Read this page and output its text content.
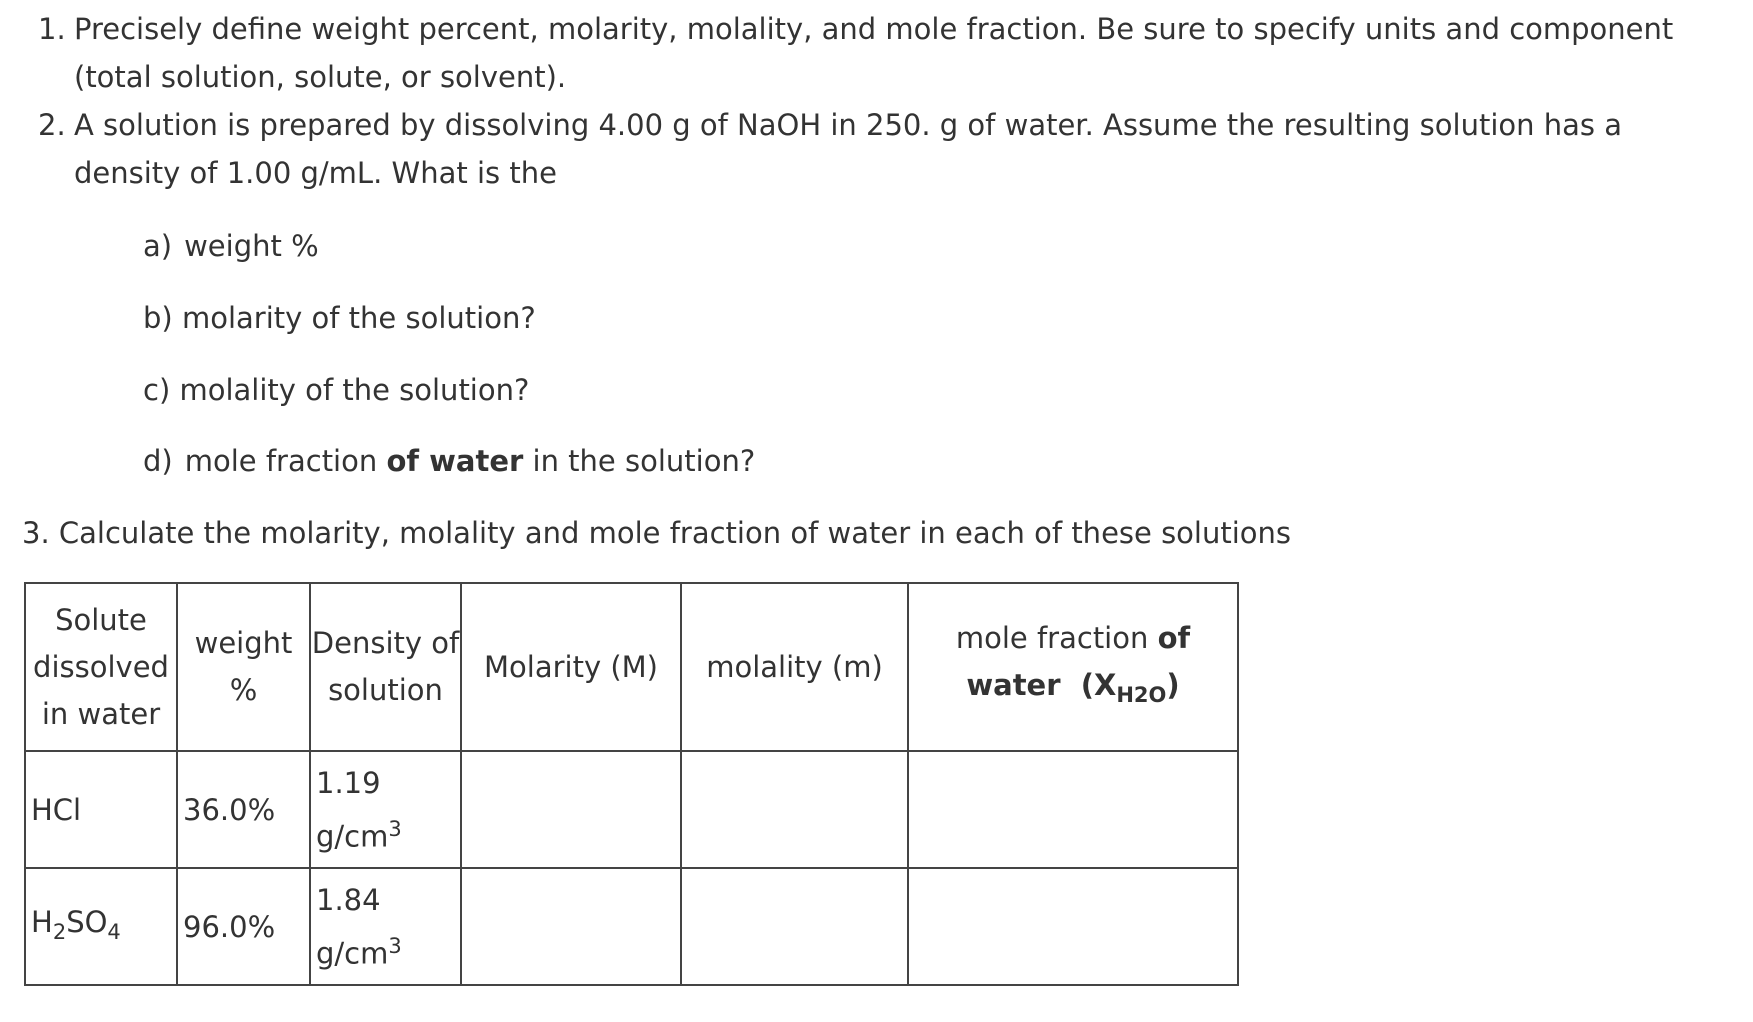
1. Precisely define weight percent, molarity, molality, and mole fraction. Be sure to specify units and component (total solution, solute, or solvent).
2. A solution is prepared by dissolving 4.00 g of NaOH in 250. g of water. Assume the resulting solution has a density of 1.00 g/mL. What is the
a) weight %
b) molarity of the solution?
c) molality of the solution?
d) mole fraction of water in the solution?
3. Calculate the molarity, molality and mole fraction of water in each of these solutions
Solute dissolved in water	weight %	Density of solution	Molarity (M)	molality (m)	mole fraction of
water $(X_{H2O})$

HCl	36.0%	1.19
$g/cm^3$

$H_2SO_4$	96.0%	1.84
$g/cm^3$
